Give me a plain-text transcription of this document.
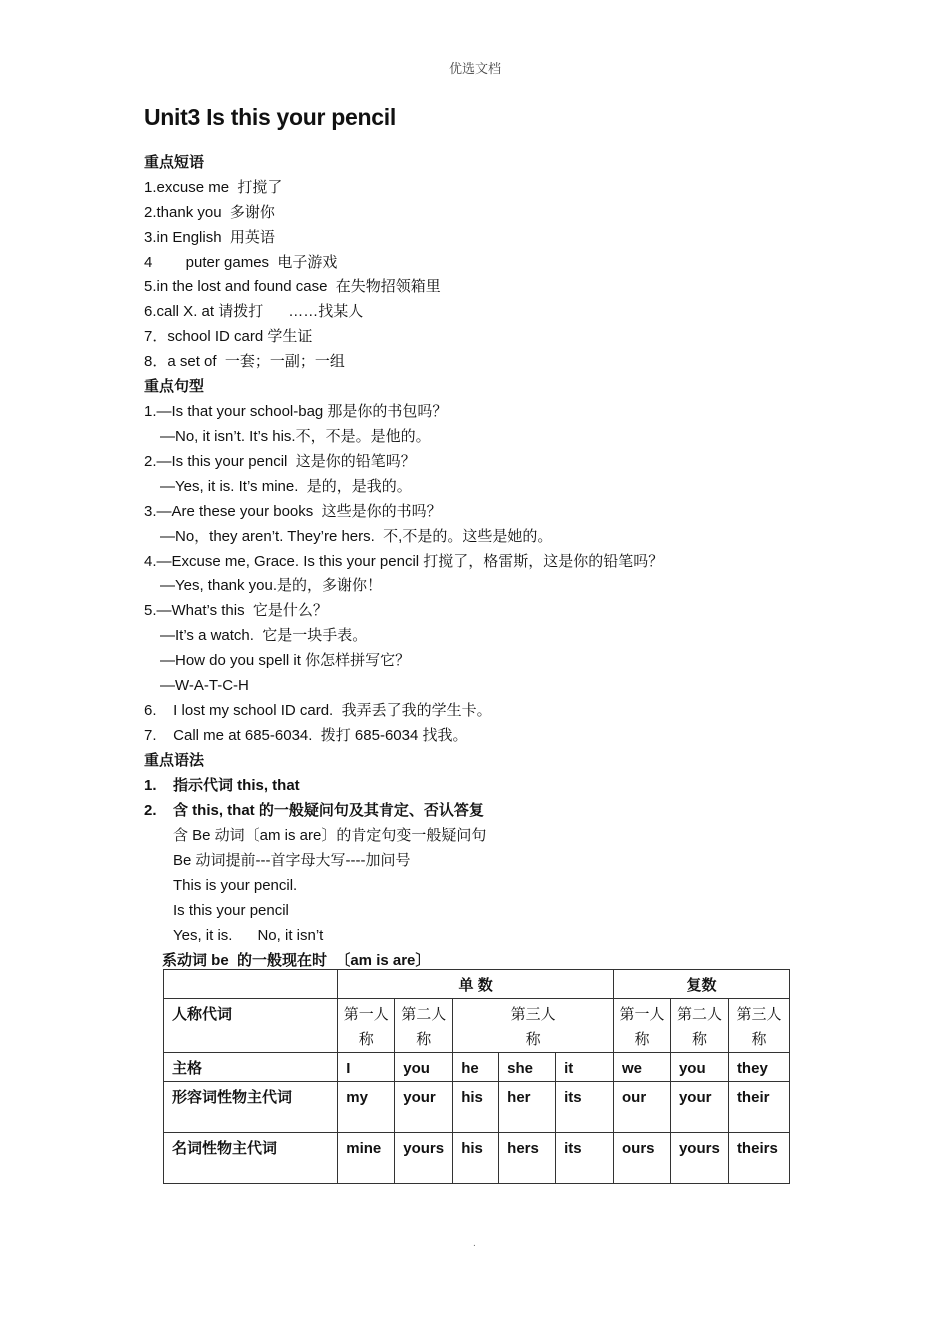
优选文档
Unit3 Is this your pencil
重点短语
1.excuse me  打搅了
2.thank you  多谢你
3.in English  用英语
4        puter games  电子游戏
5.in the lost and found case  在失物招领箱里
6.call X. at 请拨打      ……找某人
7．school ID card 学生证
8．a set of  一套；一副；一组
重点句型
1.—Is that your school-bag 那是你的书包吗？
—No, it isn’t. It’s his.不，不是。是他的。
2.—Is this your pencil  这是你的铅笔吗？
—Yes, it is. It’s mine.  是的，是我的。
3.—Are these your books  这些是你的书吗？
—No，they aren’t. They’re hers.  不,不是的。这些是她的。
4.—Excuse me, Grace. Is this your pencil 打搅了，格雷斯，这是你的铅笔吗？
—Yes, thank you.是的，多谢你！
5.—What’s this  它是什么？
—It’s a watch.  它是一块手表。
—How do you spell it 你怎样拼写它？
—W-A-T-C-H
6.    I lost my school ID card.  我弄丢了我的学生卡。
7.    Call me at 685-6034.  拨打 685-6034 找我。
重点语法
1. 指示代词 this, that
2. 含 this, that 的一般疑问句及其肯定、否认答复
含 Be 动词〔am is are〕的肯定句变一般疑问句
Be 动词提前---首字母大写----加问号
This is your pencil.
Is this your pencil
Yes, it is.      No, it isn’t
系动词 be  的一般现在时  〔am is are〕
	单 数					复数		
人称代词	第一人称	第二人称	第三人称			第一人称	第二人称	第三人称
主格	I	you	he	she	it	we	you	they
形容词性物主代词	my	your	his	her	its	our	your	their
名词性物主代词	mine	yours	his	hers	its	ours	yours	theirs
.
